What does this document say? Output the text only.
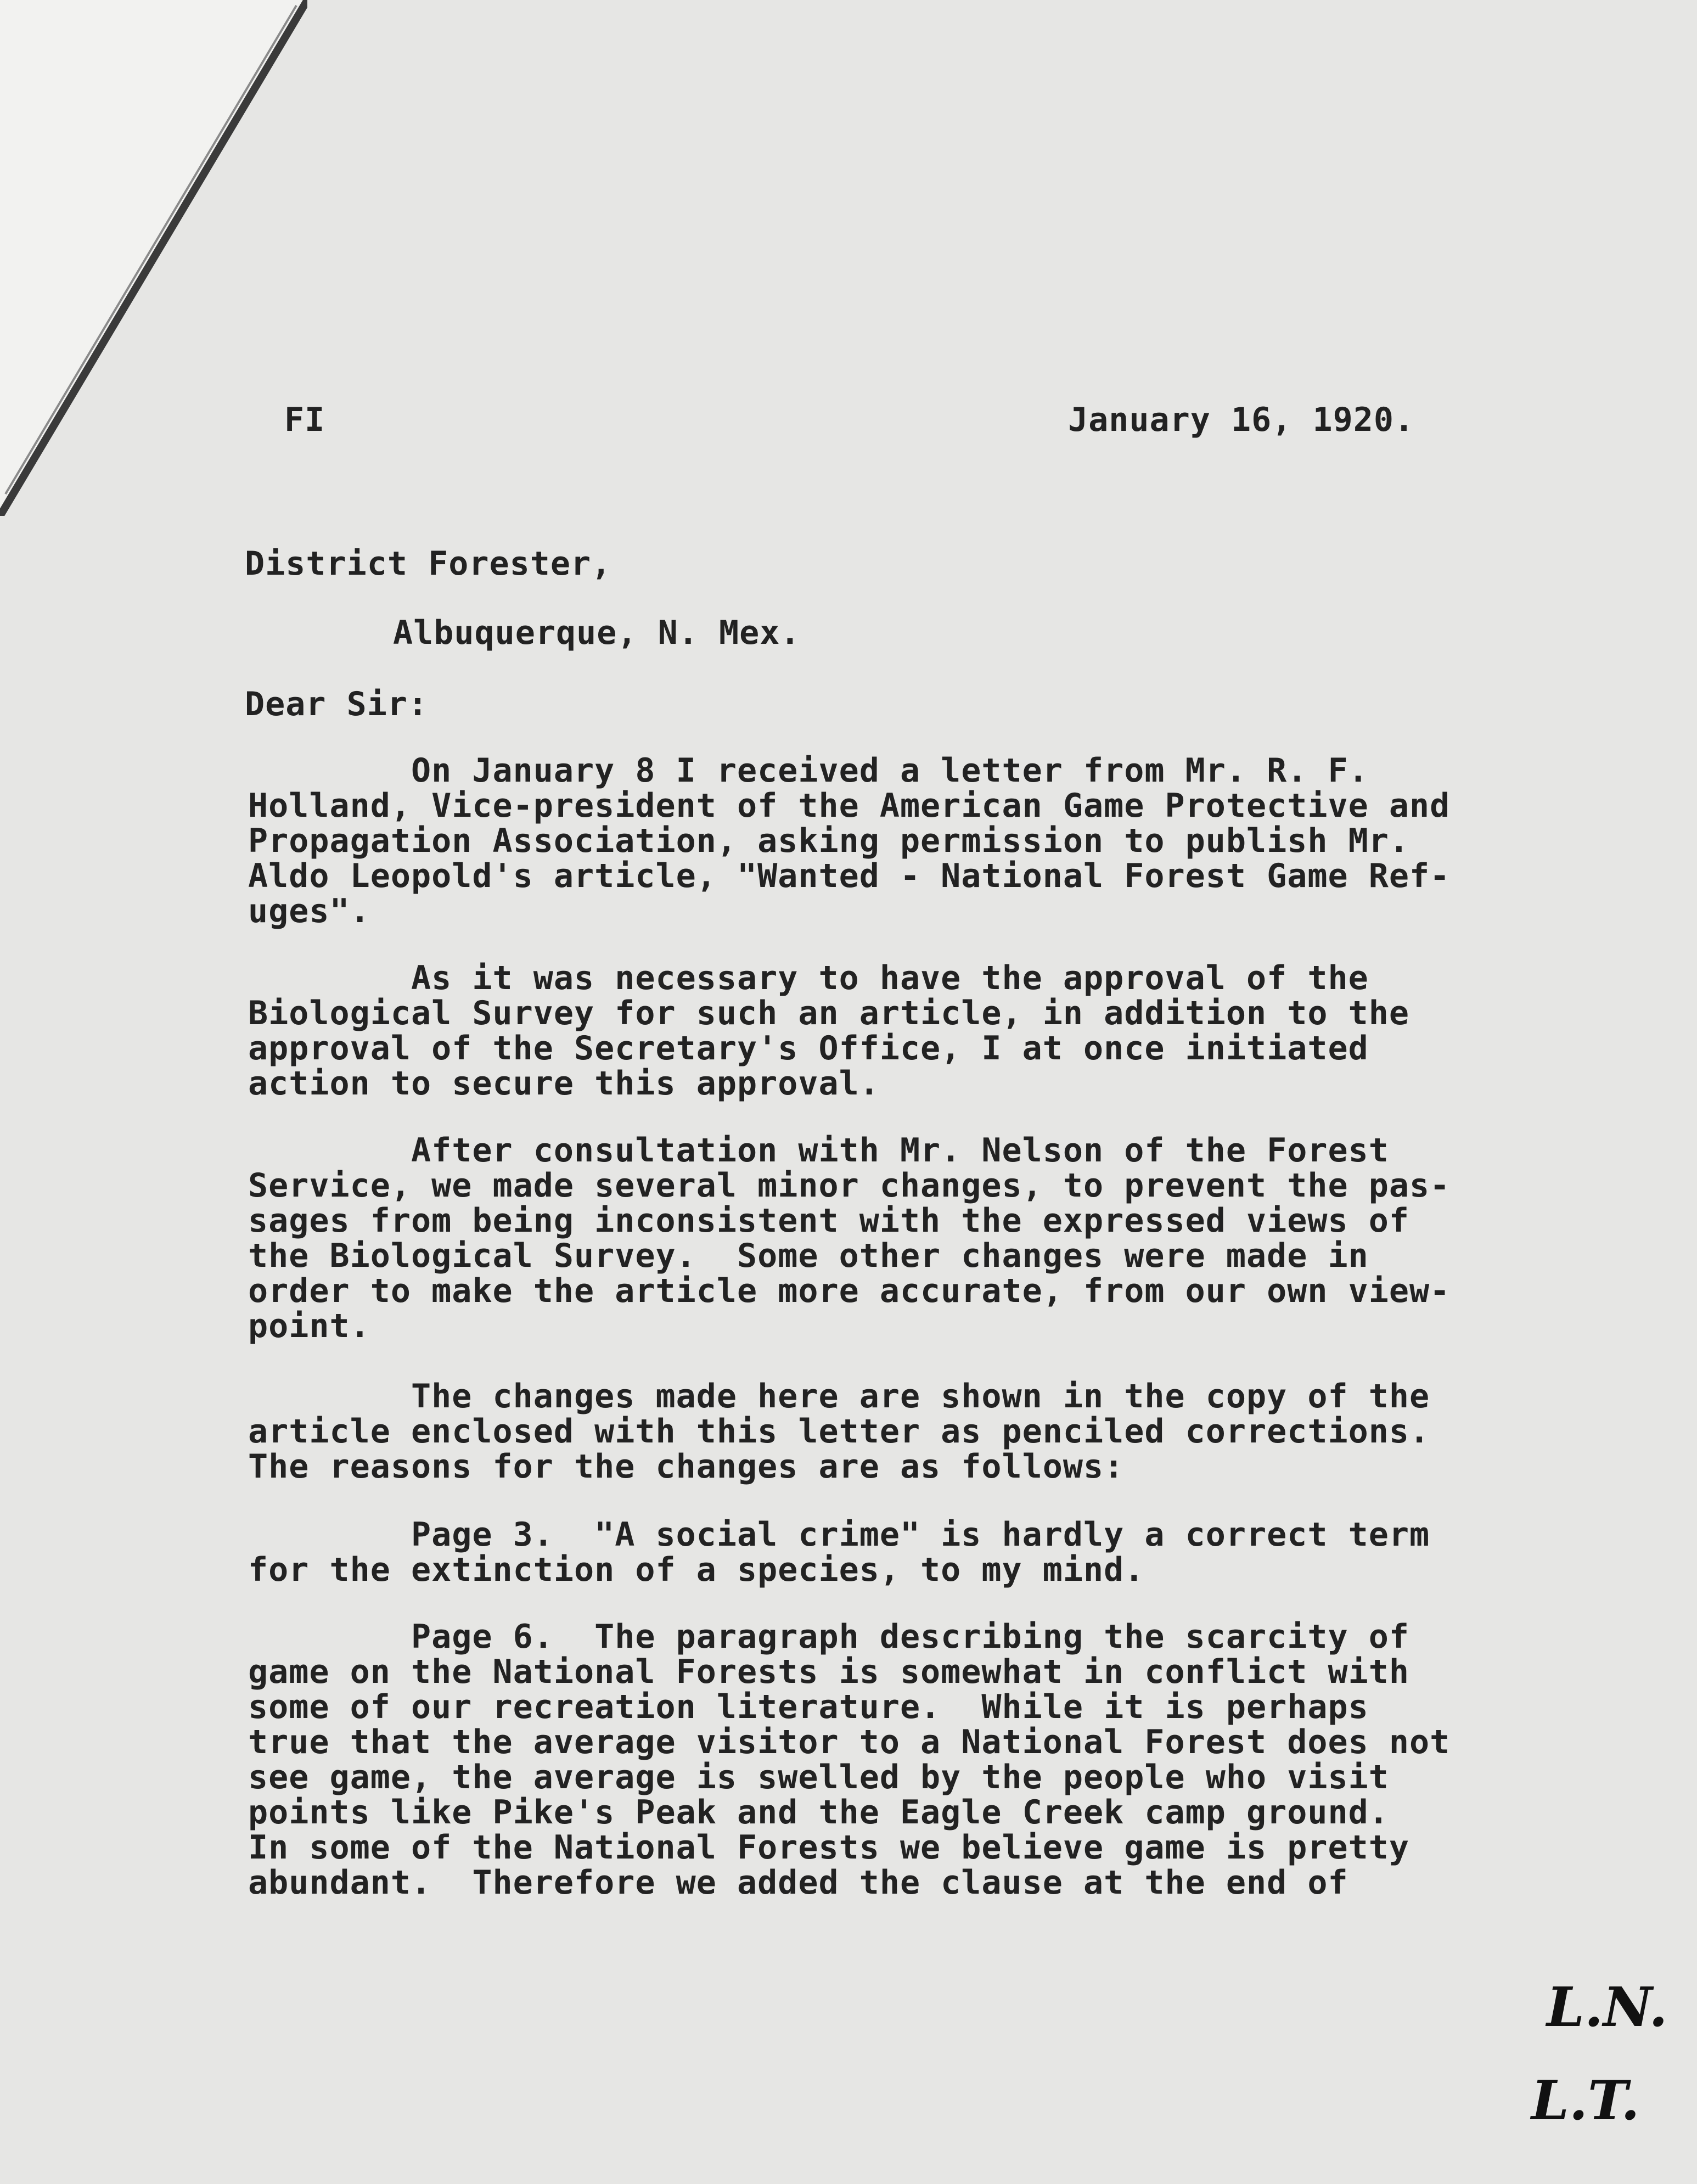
FI	January 16, 1920.
District Forester,
Albuquerque, N. Mex.
Dear Sir:
On January 8 I received a letter from Mr. R. F.
Holland, Vice-president of the American Game Protective and
Propagation Association, asking permission to publish Mr.
Aldo Leopold's article, "Wanted - National Forest Game Ref-
uges".
As it was necessary to have the approval of the
Biological Survey for such an article, in addition to the
approval of the Secretary's Office, I at once initiated
action to secure this approval.
After consultation with Mr. Nelson of the Forest
Service, we made several minor changes, to prevent the pas-
sages from being inconsistent with the expressed views of
the Biological Survey.  Some other changes were made in
order to make the article more accurate, from our own view-
point.
The changes made here are shown in the copy of the
article enclosed with this letter as penciled corrections.
The reasons for the changes are as follows:
Page 3.  "A social crime" is hardly a correct term
for the extinction of a species, to my mind.
Page 6.  The paragraph describing the scarcity of
game on the National Forests is somewhat in conflict with
some of our recreation literature.  While it is perhaps
true that the average visitor to a National Forest does not
see game, the average is swelled by the people who visit
points like Pike's Peak and the Eagle Creek camp ground.
In some of the National Forests we believe game is pretty
abundant.  Therefore we added the clause at the end of
L.N.
L.T.
